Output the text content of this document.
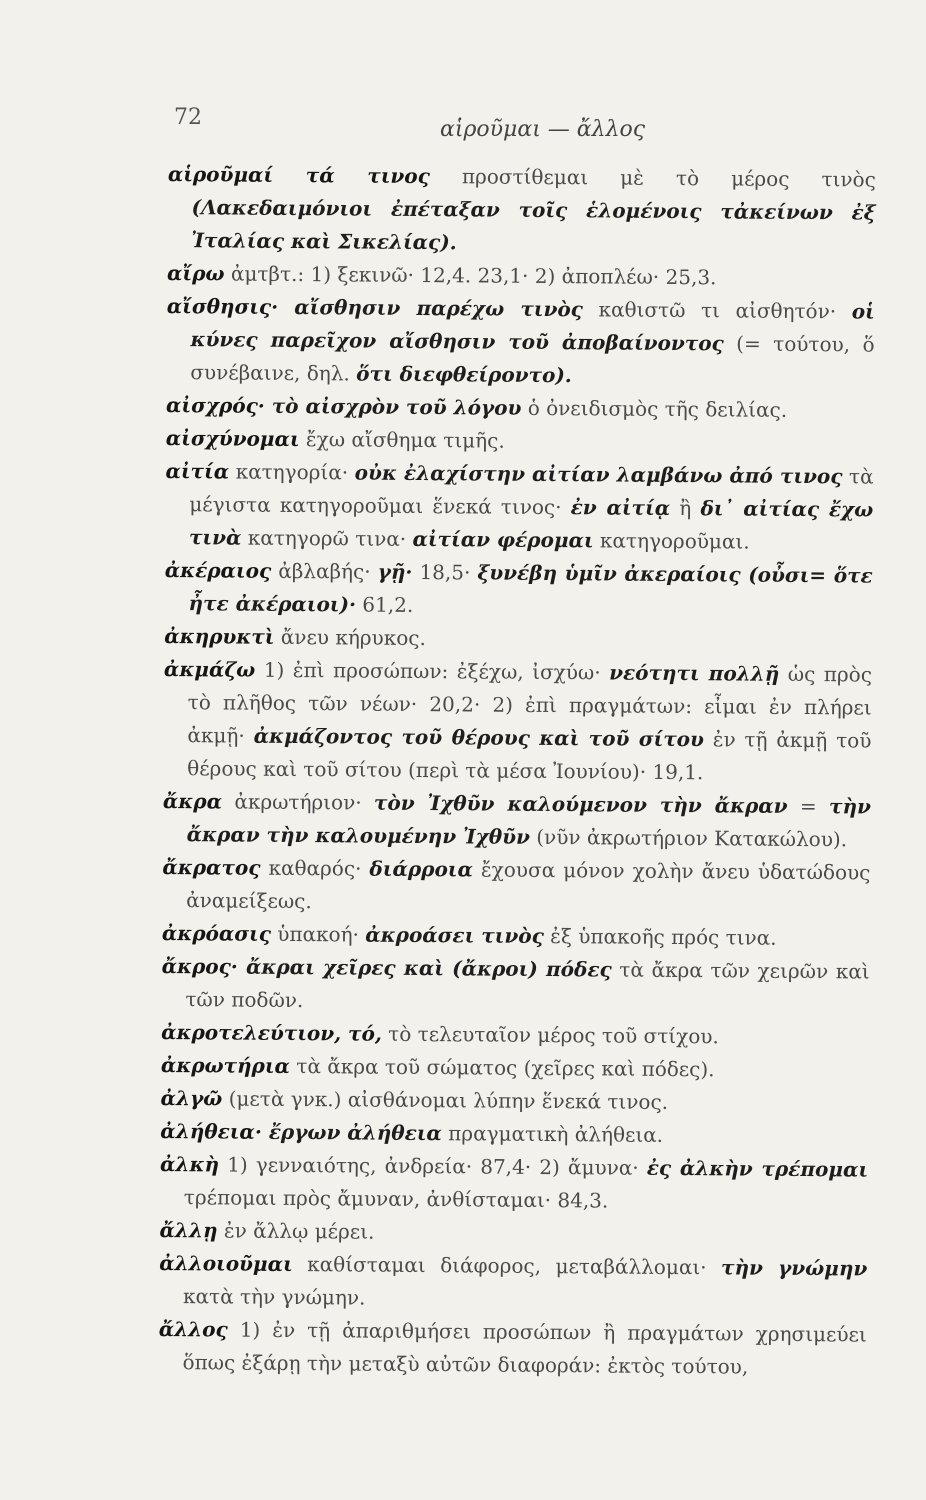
72	αἱροῦμαι — ἄλλος
αἱροῦμαί τά τινος προστίθεμαι μὲ τὸ μέρος τινὸς (Λακεδαιμόνιοι ἐπέταξαν τοῖς ἑλομένοις τἀκείνων ἐξ Ἰταλίας καὶ Σικελίας).
αἴρω ἀμτβτ.: 1) ξεκινῶ· 12,4. 23,1· 2) ἀποπλέω· 25,3.
αἴσθησις· αἴσθησιν παρέχω τινὸς καθιστῶ τι αἰσθητόν· οἱ κύνες παρεῖχον αἴσθησιν τοῦ ἀποβαίνοντος (= τούτου, ὅ συνέβαινε, δηλ. ὅτι διεφθείροντο).
αἰσχρός· τὸ αἰσχρὸν τοῦ λόγου ὁ ὀνειδισμὸς τῆς δειλίας.
αἰσχύνομαι ἔχω αἴσθημα τιμῆς.
αἰτία κατηγορία· οὐκ ἐλαχίστην αἰτίαν λαμβάνω ἀπό τινος τὰ μέγιστα κατηγοροῦμαι ἕνεκά τινος· ἐν αἰτίᾳ ἢ δι᾽ αἰτίας ἔχω τινὰ κατηγορῶ τινα· αἰτίαν φέρομαι κατηγοροῦμαι.
ἀκέραιος ἀβλαβής· γῇ· 18,5· ξυνέβη ὑμῖν ἀκεραίοις (οὖσι= ὅτε ἦτε ἀκέραιοι)· 61,2.
ἀκηρυκτὶ ἄνευ κήρυκος.
ἀκμάζω 1) ἐπὶ προσώπων: ἐξέχω, ἰσχύω· νεότητι πολλῇ ὡς πρὸς τὸ πλῆθος τῶν νέων· 20,2· 2) ἐπὶ πραγμάτων: εἶμαι ἐν πλήρει ἀκμῇ· ἀκμάζοντος τοῦ θέρους καὶ τοῦ σίτου ἐν τῇ ἀκμῇ τοῦ θέρους καὶ τοῦ σίτου (περὶ τὰ μέσα Ἰουνίου)· 19,1.
ἄκρα ἀκρωτήριον· τὸν Ἰχθῦν καλούμενον τὴν ἄκραν = τὴν ἄκραν τὴν καλουμένην Ἰχθῦν (νῦν ἀκρωτήριον Κατακώλου).
ἄκρατος καθαρός· διάρροια ἔχουσα μόνον χολὴν ἄνευ ὑδατώδους ἀναμείξεως.
ἀκρόασις ὑπακοή· ἀκροάσει τινὸς ἐξ ὑπακοῆς πρός τινα.
ἄκρος· ἄκραι χεῖρες καὶ (ἄκροι) πόδες τὰ ἄκρα τῶν χειρῶν καὶ τῶν ποδῶν.
ἀκροτελεύτιον, τό, τὸ τελευταῖον μέρος τοῦ στίχου.
ἀκρωτήρια τὰ ἄκρα τοῦ σώματος (χεῖρες καὶ πόδες).
ἀλγῶ (μετὰ γνκ.) αἰσθάνομαι λύπην ἕνεκά τινος.
ἀλήθεια· ἔργων ἀλήθεια πραγματικὴ ἀλήθεια.
ἀλκὴ 1) γενναιότης, ἀνδρεία· 87,4· 2) ἄμυνα· ἐς ἀλκὴν τρέπομαι τρέπομαι πρὸς ἄμυναν, ἀνθίσταμαι· 84,3.
ἄλλῃ ἐν ἄλλῳ μέρει.
ἀλλοιοῦμαι καθίσταμαι διάφορος, μεταβάλλομαι· τὴν γνώμην κατὰ τὴν γνώμην.
ἄλλος 1) ἐν τῇ ἀπαριθμήσει προσώπων ἢ πραγμάτων χρησιμεύει ὅπως ἐξάρῃ τὴν μεταξὺ αὐτῶν διαφοράν: ἐκτὸς τούτου,
